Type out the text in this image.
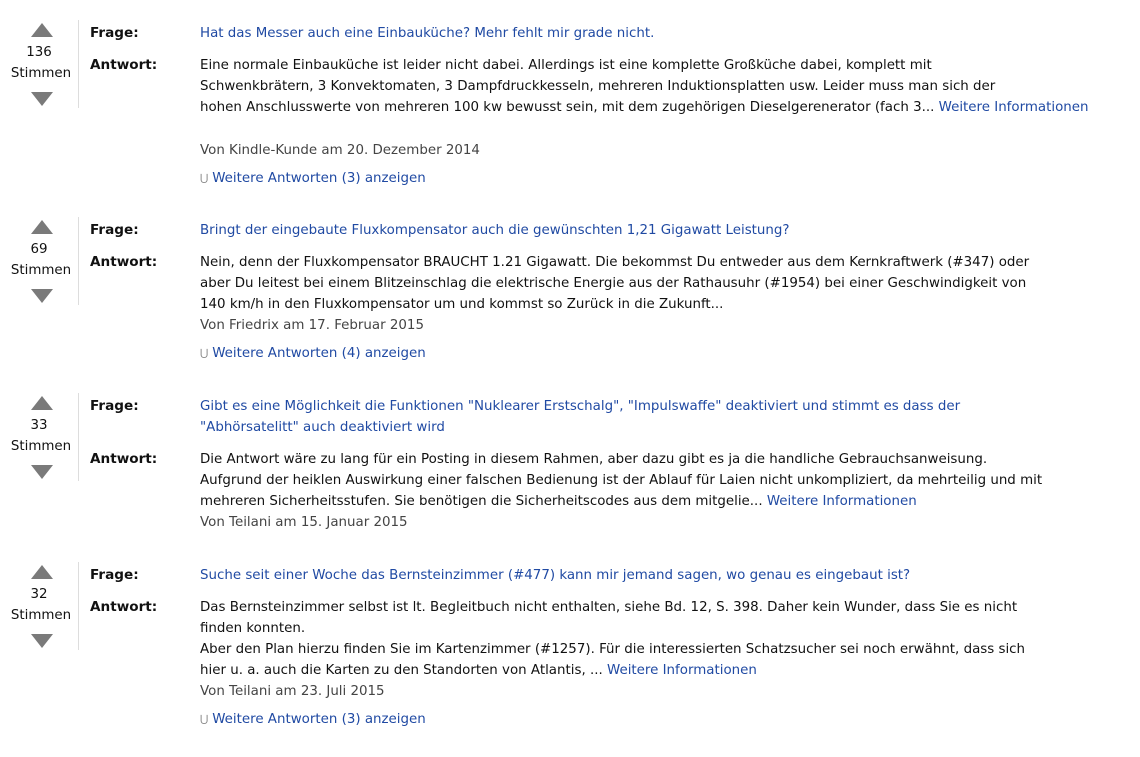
136
Stimmen
Frage:	Hat das Messer auch eine Einbauküche? Mehr fehlt mir grade nicht.
Antwort:	Eine normale Einbauküche ist leider nicht dabei. Allerdings ist eine komplette Großküche dabei, komplett mit
Schwenkbrätern, 3 Konvektomaten, 3 Dampfdruckkesseln, mehreren Induktionsplatten usw. Leider muss man sich der
hohen Anschlusswerte von mehreren 100 kw bewusst sein, mit dem zugehörigen Dieselgerenerator (fach 3... Weitere Informationen
Von Kindle-Kunde am 20. Dezember 2014
⋃ Weitere Antworten (3) anzeigen
69
Stimmen
Frage:	Bringt der eingebaute Fluxkompensator auch die gewünschten 1,21 Gigawatt Leistung?
Antwort:	Nein, denn der Fluxkompensator BRAUCHT 1.21 Gigawatt. Die bekommst Du entweder aus dem Kernkraftwerk (#347) oder
aber Du leitest bei einem Blitzeinschlag die elektrische Energie aus der Rathausuhr (#1954) bei einer Geschwindigkeit von
140 km/h in den Fluxkompensator um und kommst so Zurück in die Zukunft...
Von Friedrix am 17. Februar 2015
⋃ Weitere Antworten (4) anzeigen
33
Stimmen
Frage:	Gibt es eine Möglichkeit die Funktionen "Nuklearer Erstschalg", "Impulswaffe" deaktiviert und stimmt es dass der
"Abhörsatelitt" auch deaktiviert wird
Antwort:	Die Antwort wäre zu lang für ein Posting in diesem Rahmen, aber dazu gibt es ja die handliche Gebrauchsanweisung.
Aufgrund der heiklen Auswirkung einer falschen Bedienung ist der Ablauf für Laien nicht unkompliziert, da mehrteilig und mit
mehreren Sicherheitsstufen. Sie benötigen die Sicherheitscodes aus dem mitgelie... Weitere Informationen
Von Teilani am 15. Januar 2015
32
Stimmen
Frage:	Suche seit einer Woche das Bernsteinzimmer (#477) kann mir jemand sagen, wo genau es eingebaut ist?
Antwort:	Das Bernsteinzimmer selbst ist lt. Begleitbuch nicht enthalten, siehe Bd. 12, S. 398. Daher kein Wunder, dass Sie es nicht
finden konnten.
Aber den Plan hierzu finden Sie im Kartenzimmer (#1257). Für die interessierten Schatzsucher sei noch erwähnt, dass sich
hier u. a. auch die Karten zu den Standorten von Atlantis, ... Weitere Informationen
Von Teilani am 23. Juli 2015
⋃ Weitere Antworten (3) anzeigen
